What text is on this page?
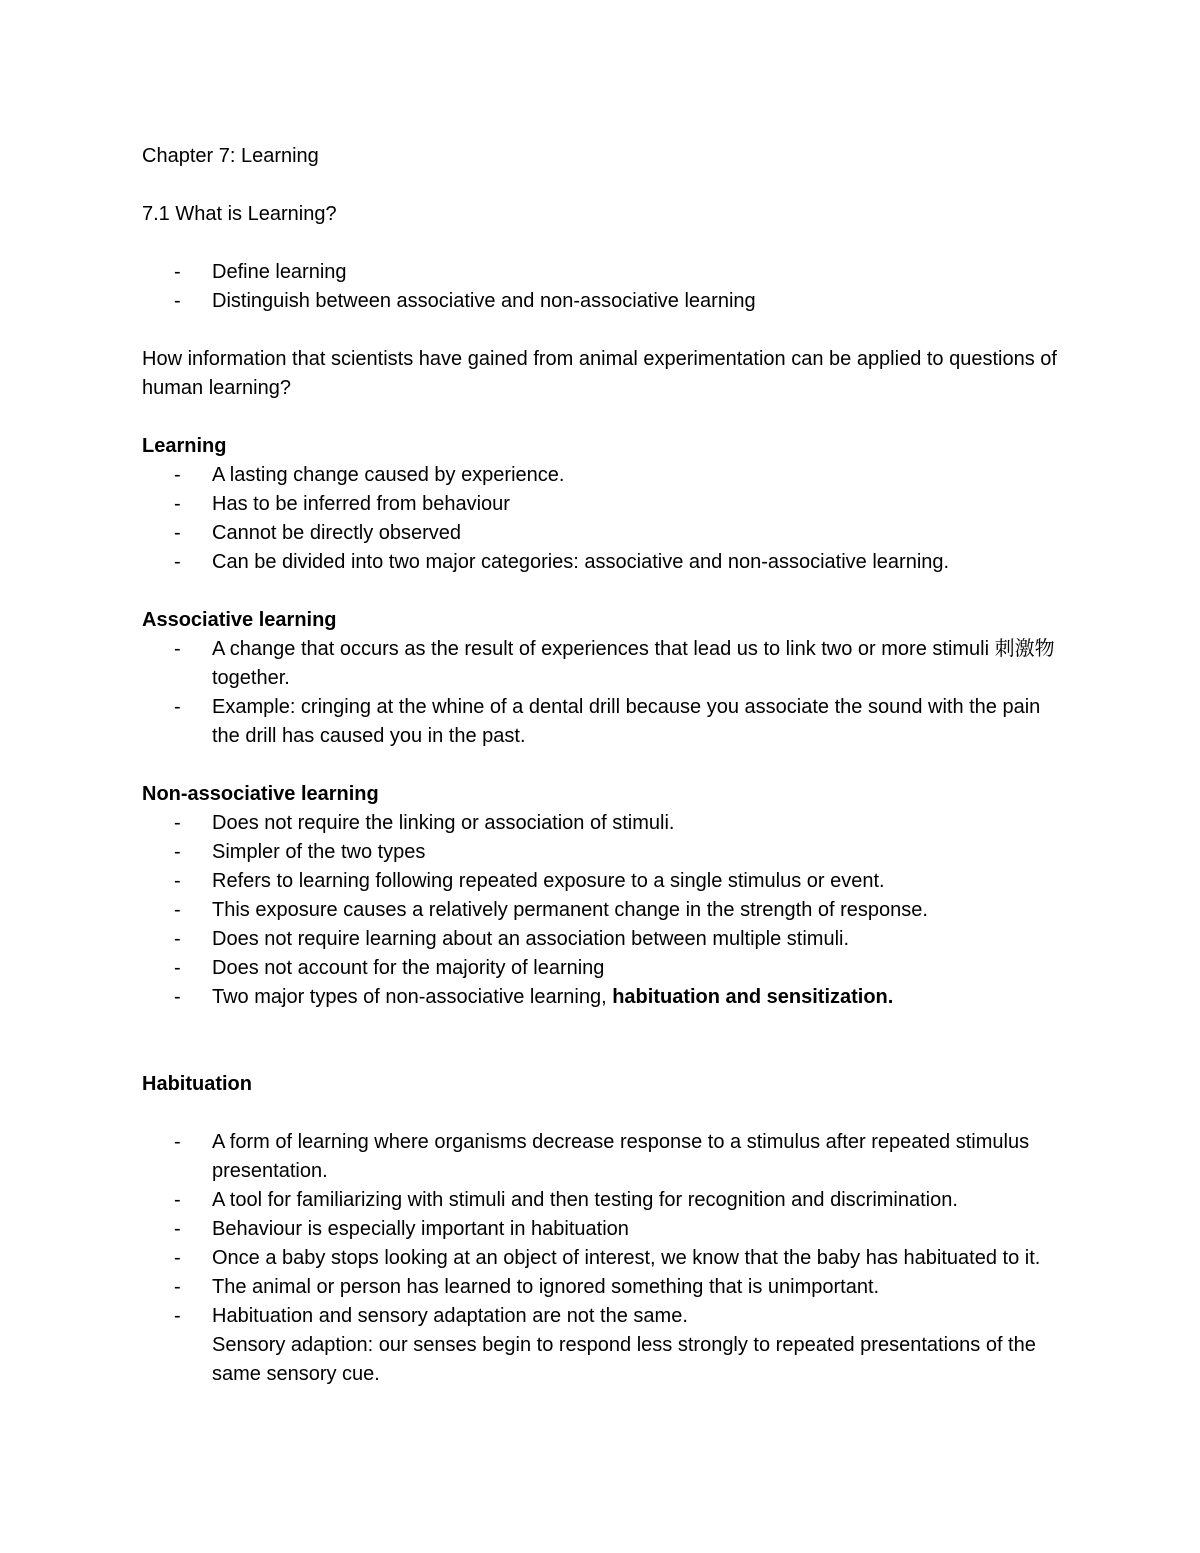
Chapter 7: Learning

7.1 What is Learning?

- Define learning
- Distinguish between associative and non-associative learning

How information that scientists have gained from animal experimentation can be applied to questions of human learning?

Learning

- A lasting change caused by experience.
- Has to be inferred from behaviour
- Cannot be directly observed
- Can be divided into two major categories: associative and non-associative learning.

Associative learning

- A change that occurs as the result of experiences that lead us to link two or more stimuli 刺激物 together.
- Example: cringing at the whine of a dental drill because you associate the sound with the pain the drill has caused you in the past.

Non-associative learning

- Does not require the linking or association of stimuli.
- Simpler of the two types
- Refers to learning following repeated exposure to a single stimulus or event.
- This exposure causes a relatively permanent change in the strength of response.
- Does not require learning about an association between multiple stimuli.
- Does not account for the majority of learning
- Two major types of non-associative learning, habituation and sensitization.

Habituation

- A form of learning where organisms decrease response to a stimulus after repeated stimulus presentation.
- A tool for familiarizing with stimuli and then testing for recognition and discrimination.
- Behaviour is especially important in habituation
- Once a baby stops looking at an object of interest, we know that the baby has habituated to it.
- The animal or person has learned to ignored something that is unimportant.
- Habituation and sensory adaptation are not the same.
Sensory adaption: our senses begin to respond less strongly to repeated presentations of the same sensory cue.
